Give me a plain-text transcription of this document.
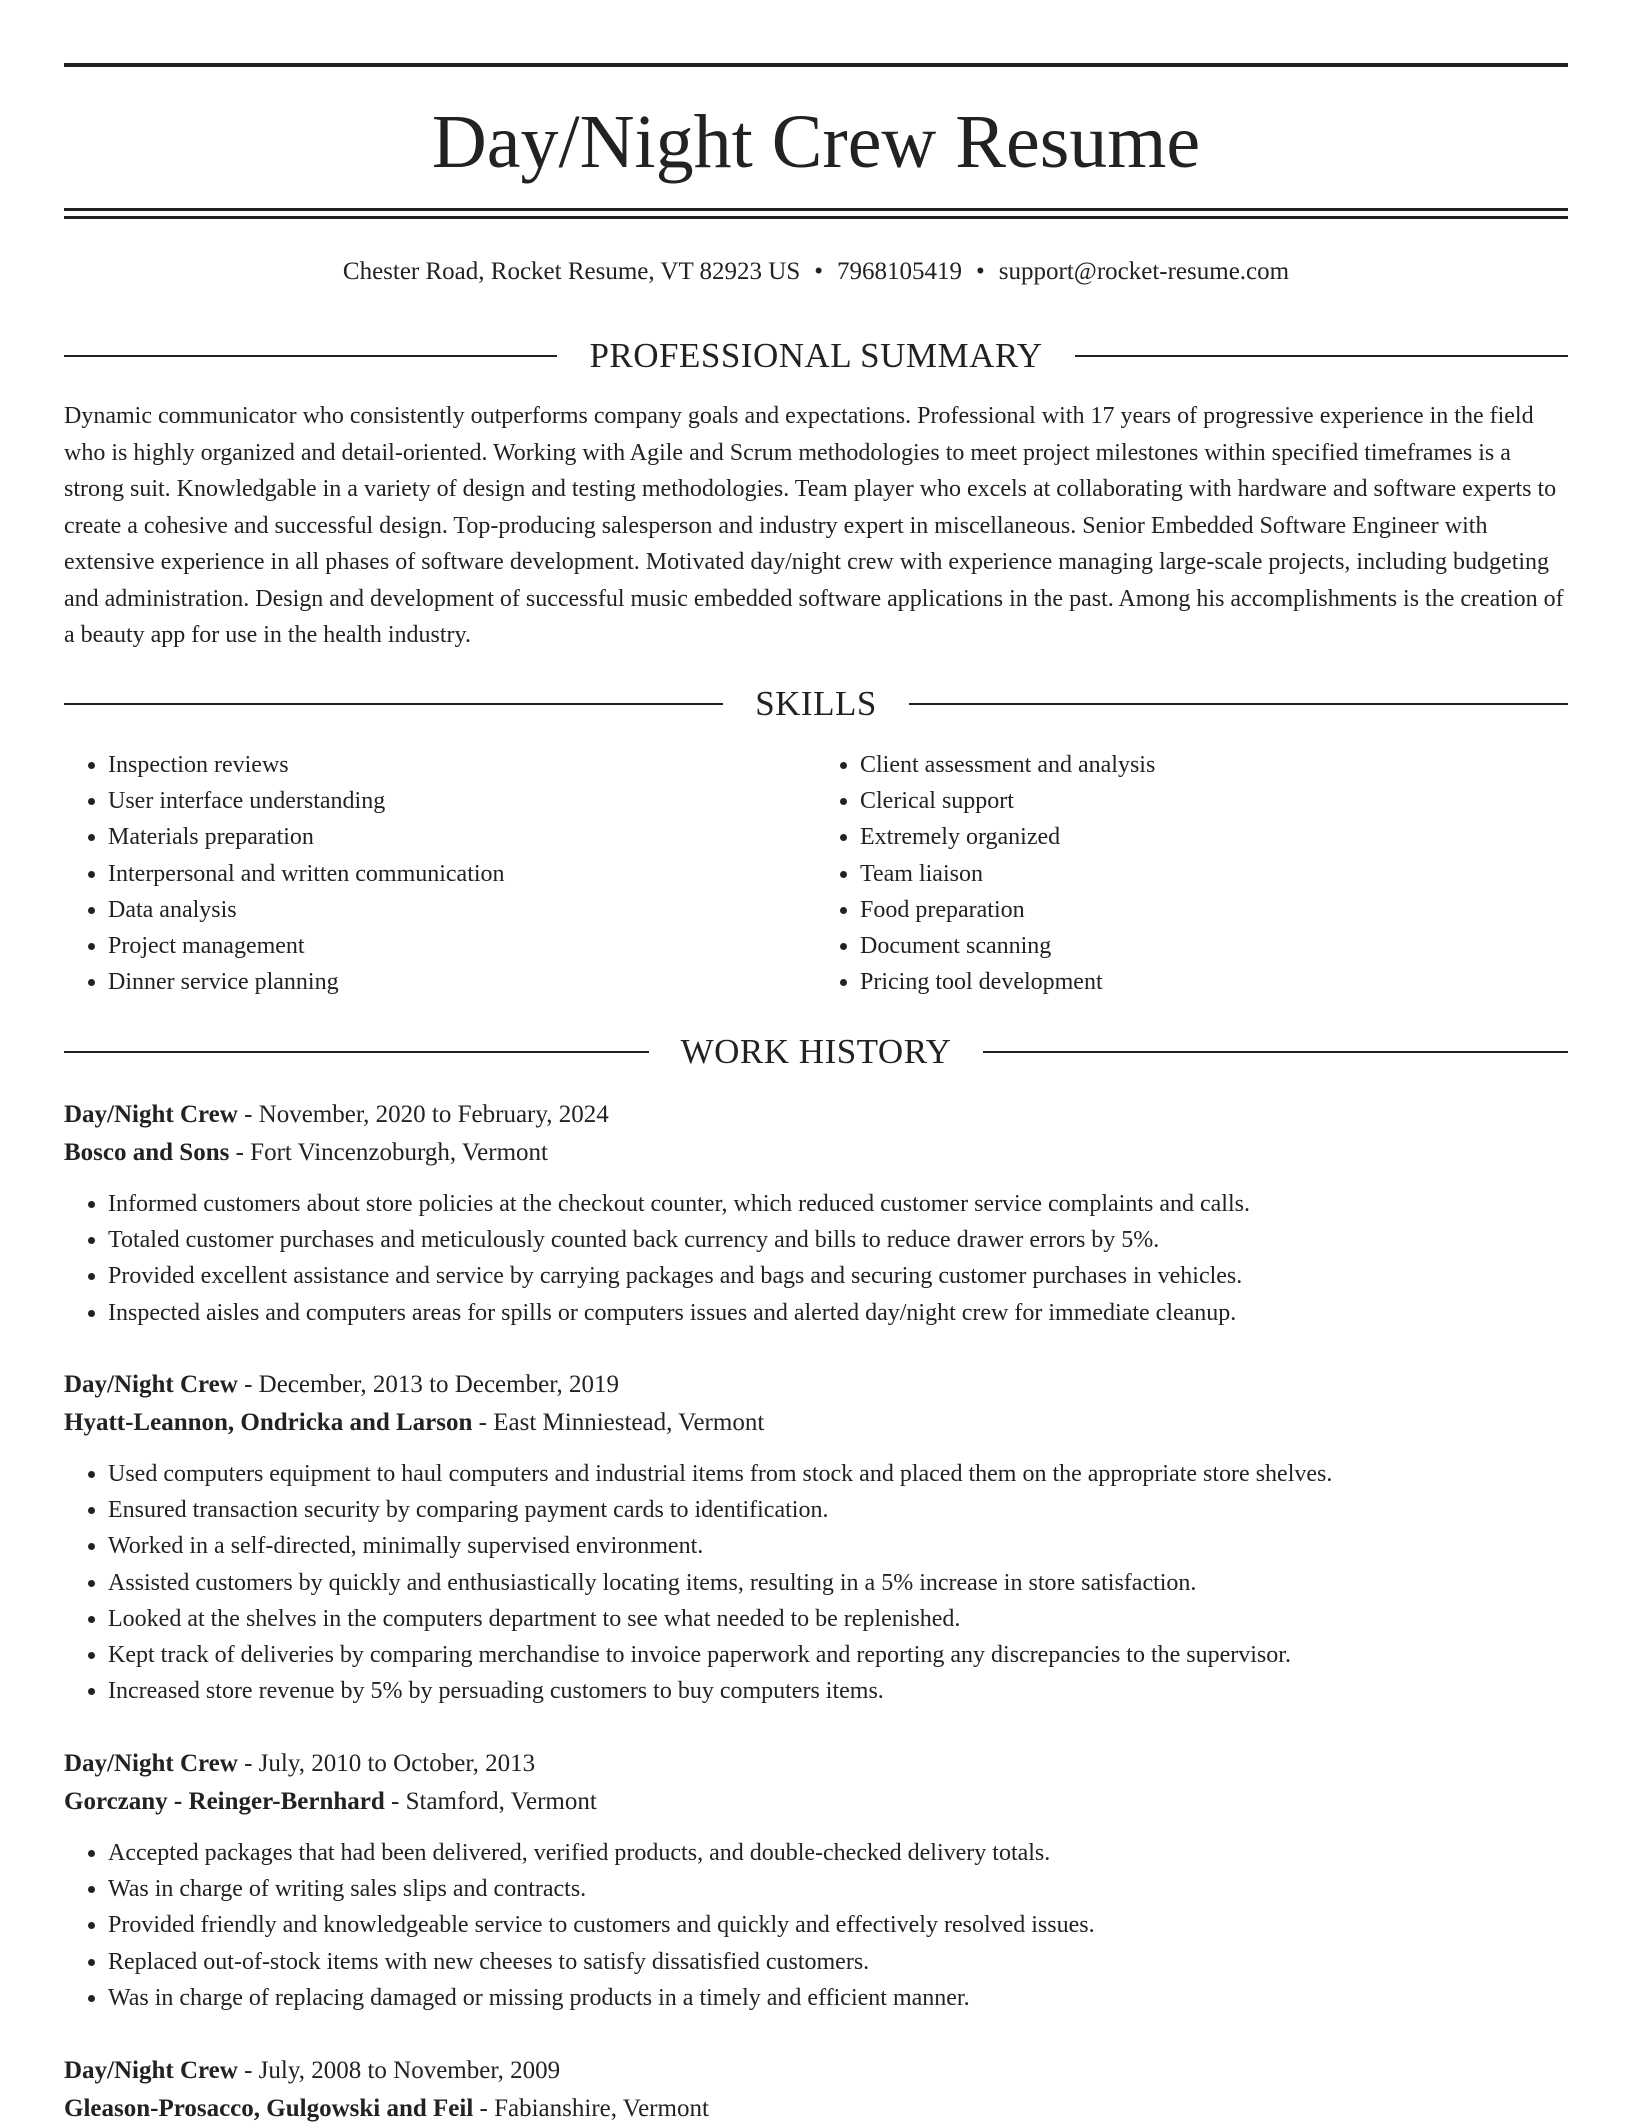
Day/Night Crew Resume
Chester Road, Rocket Resume, VT 82923 US • 7968105419 • support@rocket-resume.com
PROFESSIONAL SUMMARY

Dynamic communicator who consistently outperforms company goals and expectations. Professional with 17 years of progressive experience in the field who is highly organized and detail-oriented. Working with Agile and Scrum methodologies to meet project milestones within specified timeframes is a strong suit. Knowledgable in a variety of design and testing methodologies. Team player who excels at collaborating with hardware and software experts to create a cohesive and successful design. Top-producing salesperson and industry expert in miscellaneous. Senior Embedded Software Engineer with extensive experience in all phases of software development. Motivated day/night crew with experience managing large-scale projects, including budgeting and administration. Design and development of successful music embedded software applications in the past. Among his accomplishments is the creation of a beauty app for use in the health industry.

SKILLS
• Inspection reviews
• User interface understanding
• Materials preparation
• Interpersonal and written communication
• Data analysis
• Project management
• Dinner service planning
• Client assessment and analysis
• Clerical support
• Extremely organized
• Team liaison
• Food preparation
• Document scanning
• Pricing tool development
WORK HISTORY
Day/Night Crew - November, 2020 to February, 2024
Bosco and Sons - Fort Vincenzoburgh, Vermont
• Informed customers about store policies at the checkout counter, which reduced customer service complaints and calls.
• Totaled customer purchases and meticulously counted back currency and bills to reduce drawer errors by 5%.
• Provided excellent assistance and service by carrying packages and bags and securing customer purchases in vehicles.
• Inspected aisles and computers areas for spills or computers issues and alerted day/night crew for immediate cleanup.
Day/Night Crew - December, 2013 to December, 2019
Hyatt-Leannon, Ondricka and Larson - East Minniestead, Vermont
• Used computers equipment to haul computers and industrial items from stock and placed them on the appropriate store shelves.
• Ensured transaction security by comparing payment cards to identification.
• Worked in a self-directed, minimally supervised environment.
• Assisted customers by quickly and enthusiastically locating items, resulting in a 5% increase in store satisfaction.
• Looked at the shelves in the computers department to see what needed to be replenished.
• Kept track of deliveries by comparing merchandise to invoice paperwork and reporting any discrepancies to the supervisor.
• Increased store revenue by 5% by persuading customers to buy computers items.
Day/Night Crew - July, 2010 to October, 2013
Gorczany - Reinger-Bernhard - Stamford, Vermont
• Accepted packages that had been delivered, verified products, and double-checked delivery totals.
• Was in charge of writing sales slips and contracts.
• Provided friendly and knowledgeable service to customers and quickly and effectively resolved issues.
• Replaced out-of-stock items with new cheeses to satisfy dissatisfied customers.
• Was in charge of replacing damaged or missing products in a timely and efficient manner.
Day/Night Crew - July, 2008 to November, 2009
Gleason-Prosacco, Gulgowski and Feil - Fabianshire, Vermont
